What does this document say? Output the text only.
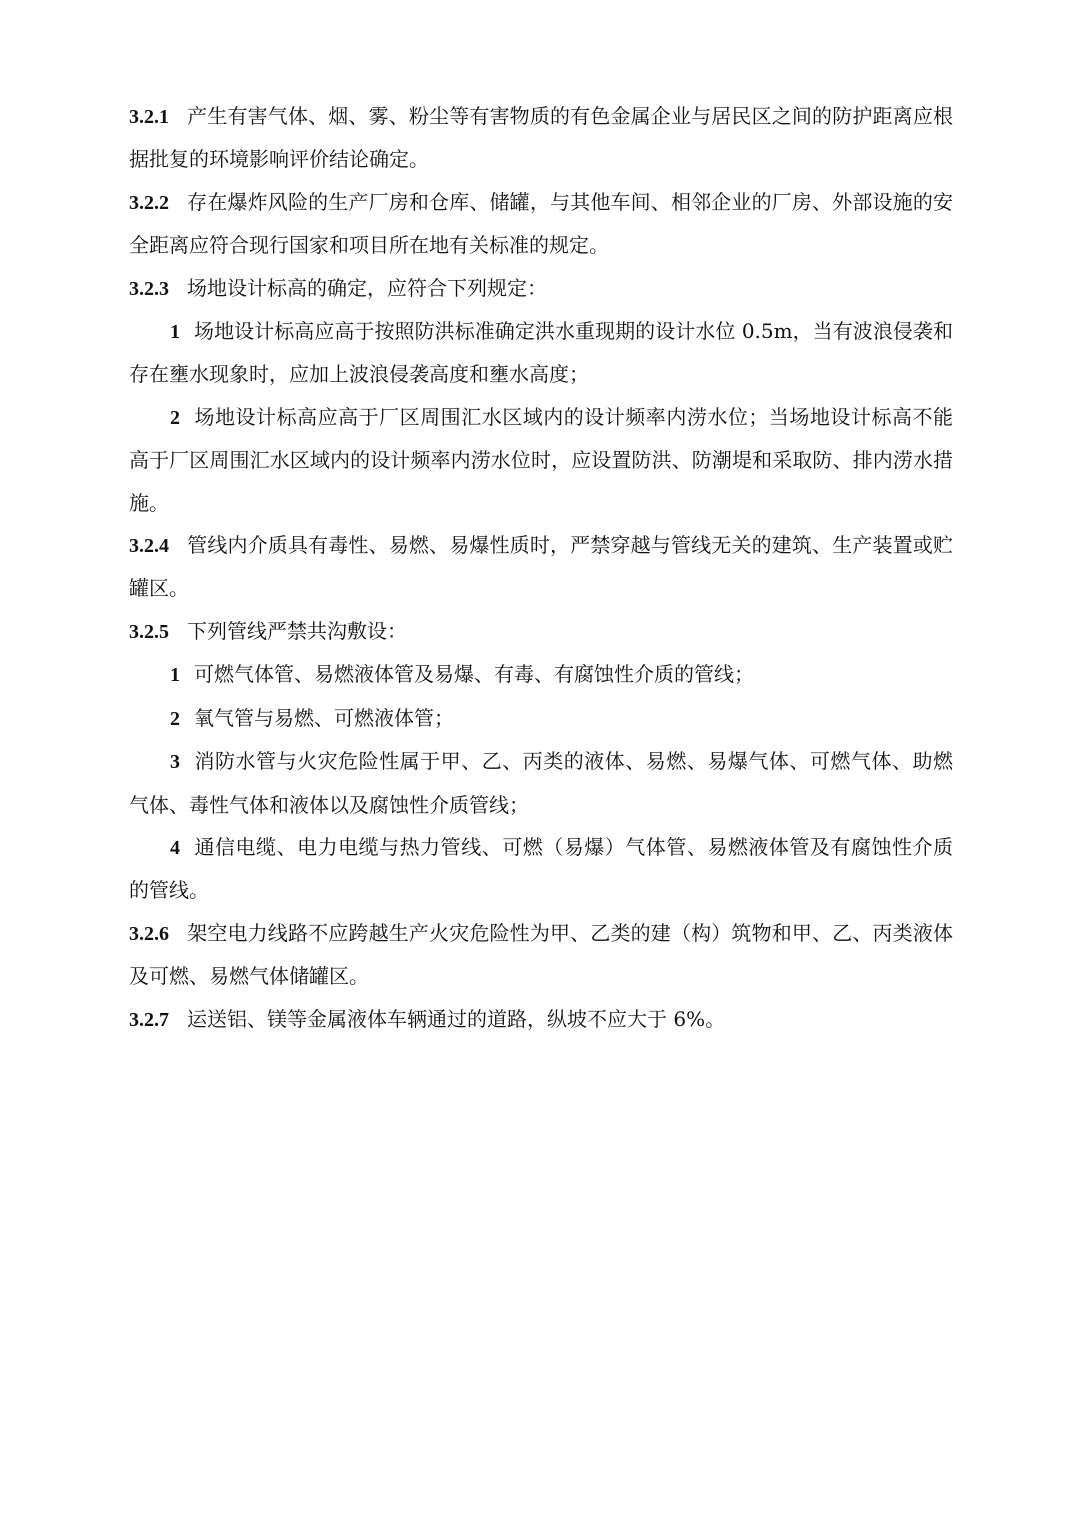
3.2.1 产生有害气体、烟、雾、粉尘等有害物质的有色金属企业与居民区之间的防护距离应根据批复的环境影响评价结论确定。

3.2.2 存在爆炸风险的生产厂房和仓库、储罐，与其他车间、相邻企业的厂房、外部设施的安全距离应符合现行国家和项目所在地有关标准的规定。

3.2.3 场地设计标高的确定，应符合下列规定：

1 场地设计标高应高于按照防洪标准确定洪水重现期的设计水位 0.5m，当有波浪侵袭和存在壅水现象时，应加上波浪侵袭高度和壅水高度；

2 场地设计标高应高于厂区周围汇水区域内的设计频率内涝水位；当场地设计标高不能高于厂区周围汇水区域内的设计频率内涝水位时，应设置防洪、防潮堤和采取防、排内涝水措施。

3.2.4 管线内介质具有毒性、易燃、易爆性质时，严禁穿越与管线无关的建筑、生产装置或贮罐区。

3.2.5 下列管线严禁共沟敷设：

1 可燃气体管、易燃液体管及易爆、有毒、有腐蚀性介质的管线；

2 氧气管与易燃、可燃液体管；

3 消防水管与火灾危险性属于甲、乙、丙类的液体、易燃、易爆气体、可燃气体、助燃气体、毒性气体和液体以及腐蚀性介质管线；

4 通信电缆、电力电缆与热力管线、可燃（易爆）气体管、易燃液体管及有腐蚀性介质的管线。

3.2.6 架空电力线路不应跨越生产火灾危险性为甲、乙类的建（构）筑物和甲、乙、丙类液体及可燃、易燃气体储罐区。

3.2.7 运送铝、镁等金属液体车辆通过的道路，纵坡不应大于 6%。
